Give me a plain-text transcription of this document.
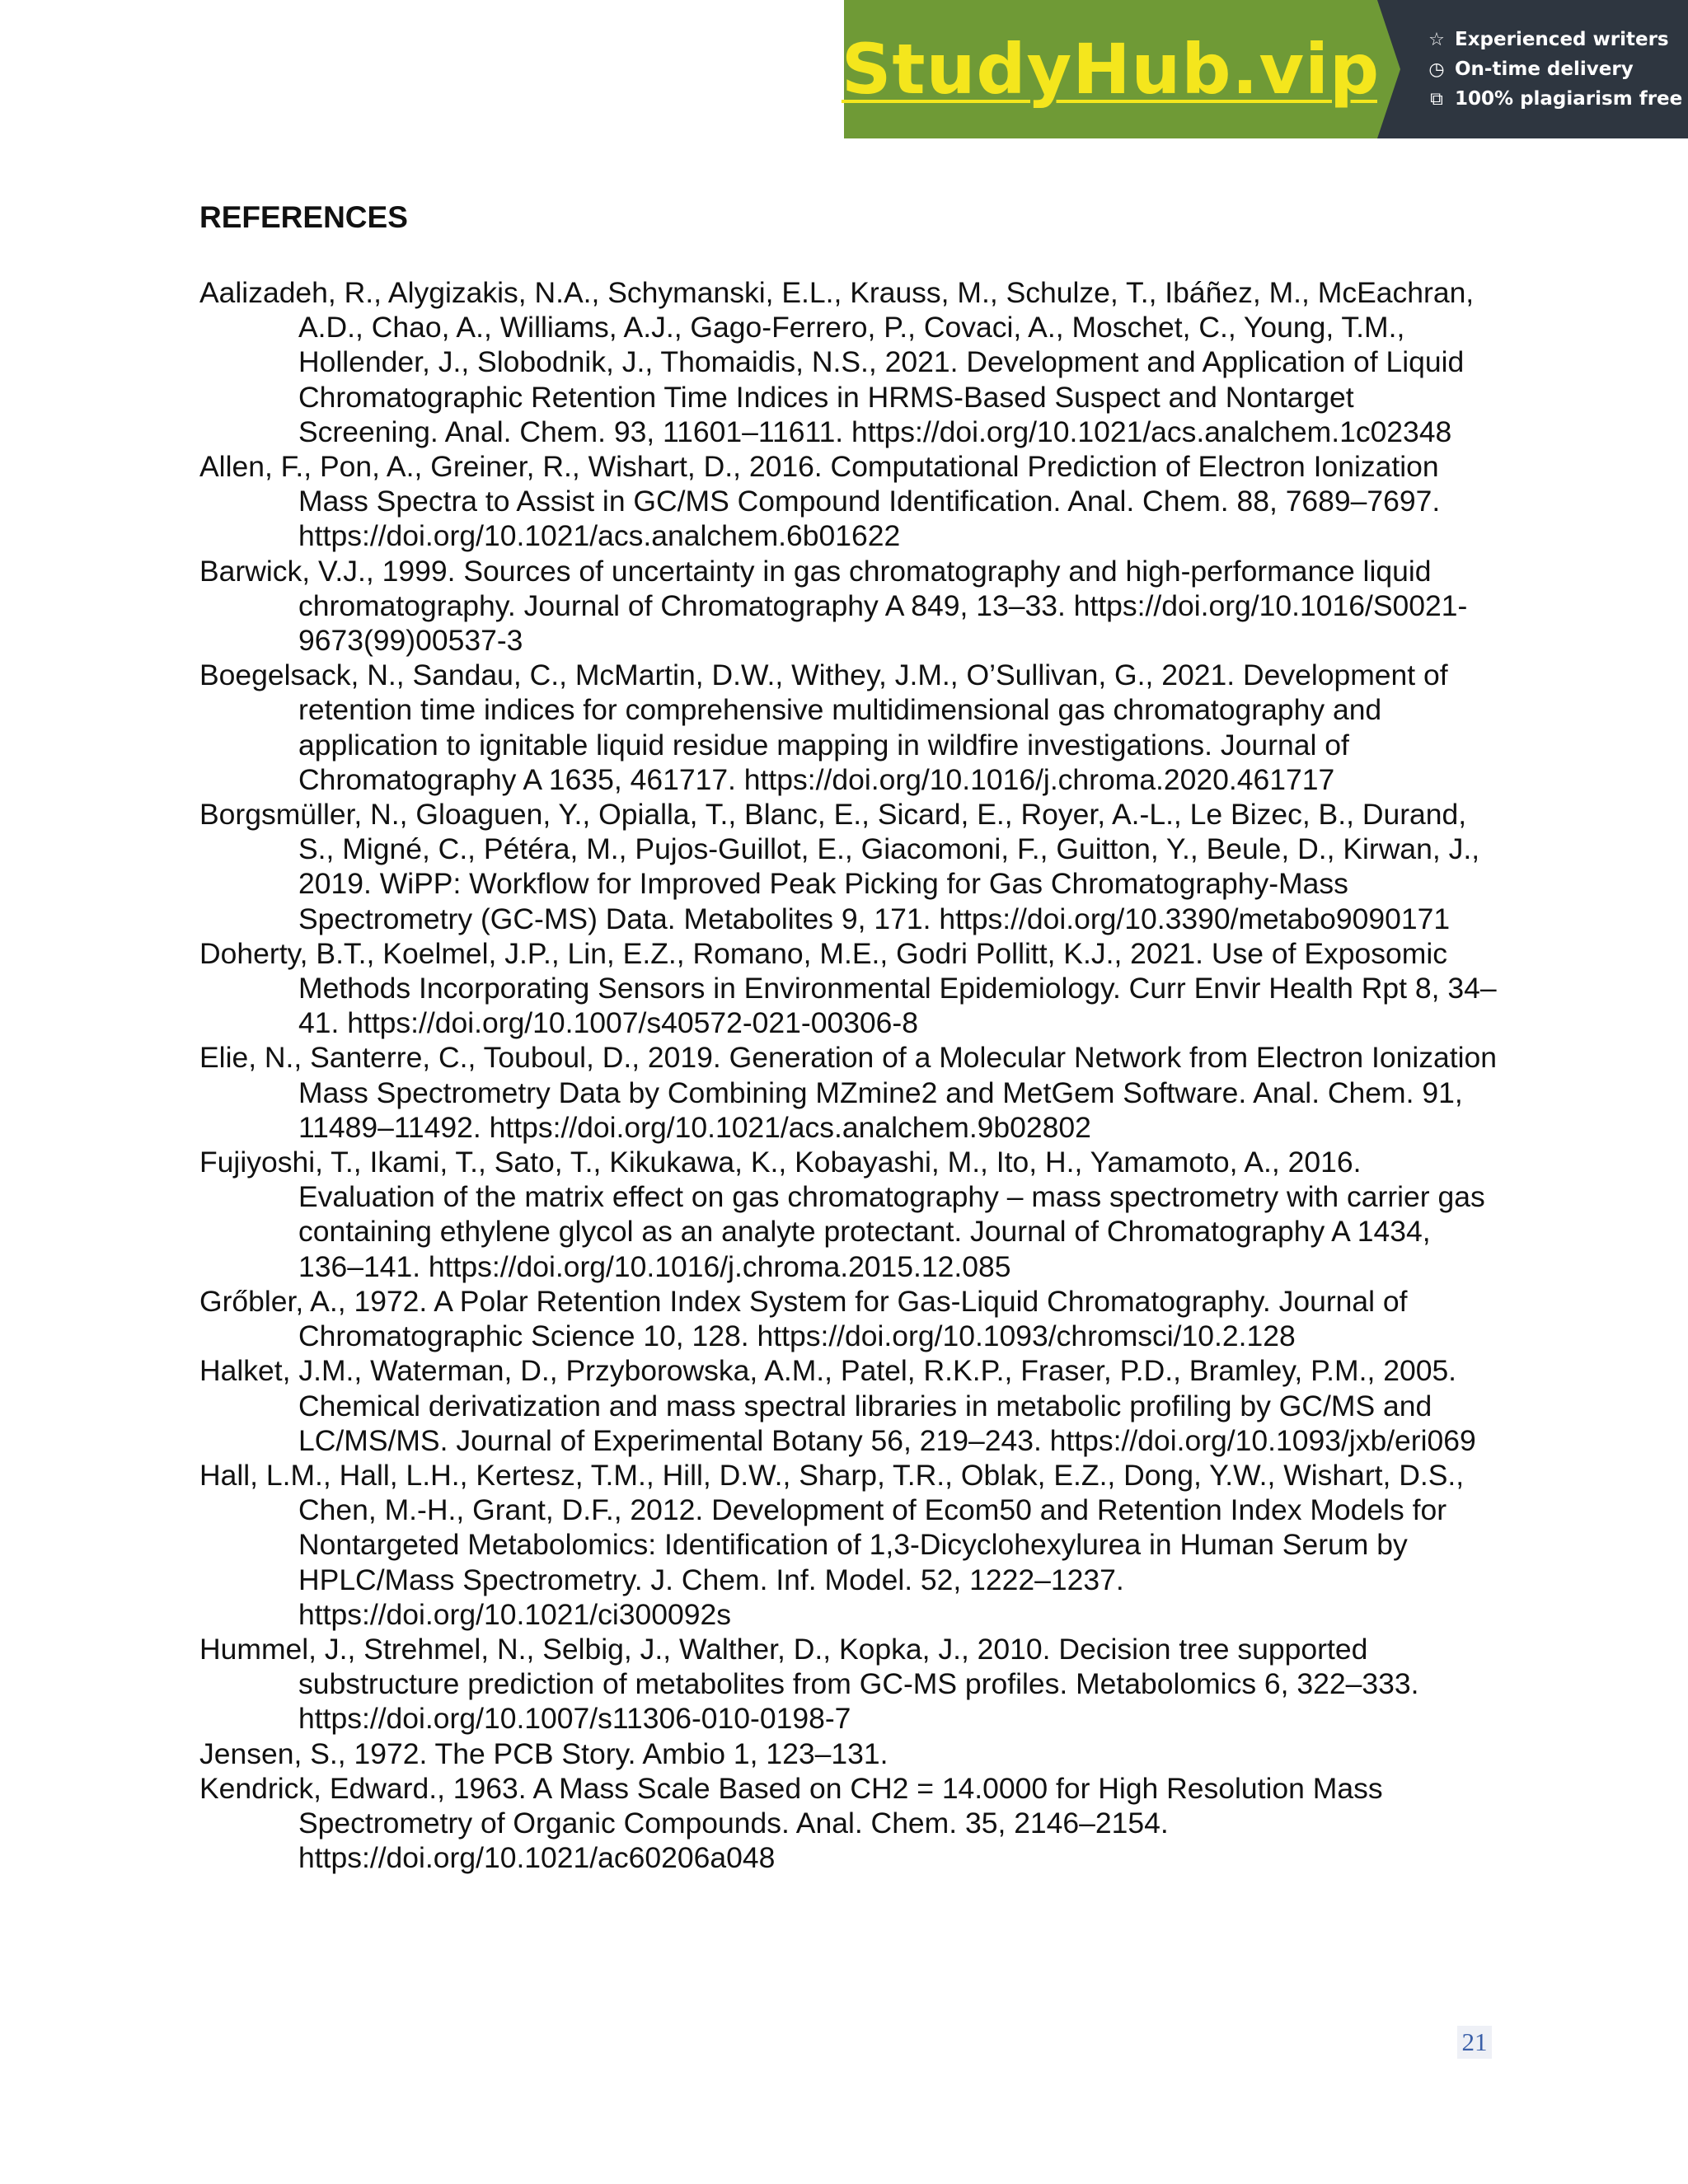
StudyHub.vip	☆ Experienced writers
◷ On-time delivery
⧉ 100% plagiarism free
REFERENCES

Aalizadeh, R., Alygizakis, N.A., Schymanski, E.L., Krauss, M., Schulze, T., Ibáñez, M., McEachran, A.D., Chao, A., Williams, A.J., Gago-Ferrero, P., Covaci, A., Moschet, C., Young, T.M., Hollender, J., Slobodnik, J., Thomaidis, N.S., 2021. Development and Application of Liquid Chromatographic Retention Time Indices in HRMS-Based Suspect and Nontarget Screening. Anal. Chem. 93, 11601–11611. https://doi.org/10.1021/acs.analchem.1c02348

Allen, F., Pon, A., Greiner, R., Wishart, D., 2016. Computational Prediction of Electron Ionization Mass Spectra to Assist in GC/MS Compound Identification. Anal. Chem. 88, 7689–7697. https://doi.org/10.1021/acs.analchem.6b01622

Barwick, V.J., 1999. Sources of uncertainty in gas chromatography and high-performance liquid chromatography. Journal of Chromatography A 849, 13–33. https://doi.org/10.1016/S0021-9673(99)00537-3

Boegelsack, N., Sandau, C., McMartin, D.W., Withey, J.M., O’Sullivan, G., 2021. Development of retention time indices for comprehensive multidimensional gas chromatography and application to ignitable liquid residue mapping in wildfire investigations. Journal of Chromatography A 1635, 461717. https://doi.org/10.1016/j.chroma.2020.461717

Borgsmüller, N., Gloaguen, Y., Opialla, T., Blanc, E., Sicard, E., Royer, A.-L., Le Bizec, B., Durand, S., Migné, C., Pétéra, M., Pujos-Guillot, E., Giacomoni, F., Guitton, Y., Beule, D., Kirwan, J., 2019. WiPP: Workflow for Improved Peak Picking for Gas Chromatography-Mass Spectrometry (GC-MS) Data. Metabolites 9, 171. https://doi.org/10.3390/metabo9090171

Doherty, B.T., Koelmel, J.P., Lin, E.Z., Romano, M.E., Godri Pollitt, K.J., 2021. Use of Exposomic Methods Incorporating Sensors in Environmental Epidemiology. Curr Envir Health Rpt 8, 34–41. https://doi.org/10.1007/s40572-021-00306-8

Elie, N., Santerre, C., Touboul, D., 2019. Generation of a Molecular Network from Electron Ionization Mass Spectrometry Data by Combining MZmine2 and MetGem Software. Anal. Chem. 91, 11489–11492. https://doi.org/10.1021/acs.analchem.9b02802

Fujiyoshi, T., Ikami, T., Sato, T., Kikukawa, K., Kobayashi, M., Ito, H., Yamamoto, A., 2016. Evaluation of the matrix effect on gas chromatography – mass spectrometry with carrier gas containing ethylene glycol as an analyte protectant. Journal of Chromatography A 1434, 136–141. https://doi.org/10.1016/j.chroma.2015.12.085

Grőbler, A., 1972. A Polar Retention Index System for Gas-Liquid Chromatography. Journal of Chromatographic Science 10, 128. https://doi.org/10.1093/chromsci/10.2.128

Halket, J.M., Waterman, D., Przyborowska, A.M., Patel, R.K.P., Fraser, P.D., Bramley, P.M., 2005. Chemical derivatization and mass spectral libraries in metabolic profiling by GC/MS and LC/MS/MS. Journal of Experimental Botany 56, 219–243. https://doi.org/10.1093/jxb/eri069

Hall, L.M., Hall, L.H., Kertesz, T.M., Hill, D.W., Sharp, T.R., Oblak, E.Z., Dong, Y.W., Wishart, D.S., Chen, M.-H., Grant, D.F., 2012. Development of Ecom50 and Retention Index Models for Nontargeted Metabolomics: Identification of 1,3-Dicyclohexylurea in Human Serum by HPLC/Mass Spectrometry. J. Chem. Inf. Model. 52, 1222–1237. https://doi.org/10.1021/ci300092s

Hummel, J., Strehmel, N., Selbig, J., Walther, D., Kopka, J., 2010. Decision tree supported substructure prediction of metabolites from GC-MS profiles. Metabolomics 6, 322–333. https://doi.org/10.1007/s11306-010-0198-7

Jensen, S., 1972. The PCB Story. Ambio 1, 123–131.

Kendrick, Edward., 1963. A Mass Scale Based on CH2 = 14.0000 for High Resolution Mass Spectrometry of Organic Compounds. Anal. Chem. 35, 2146–2154. https://doi.org/10.1021/ac60206a048

21
